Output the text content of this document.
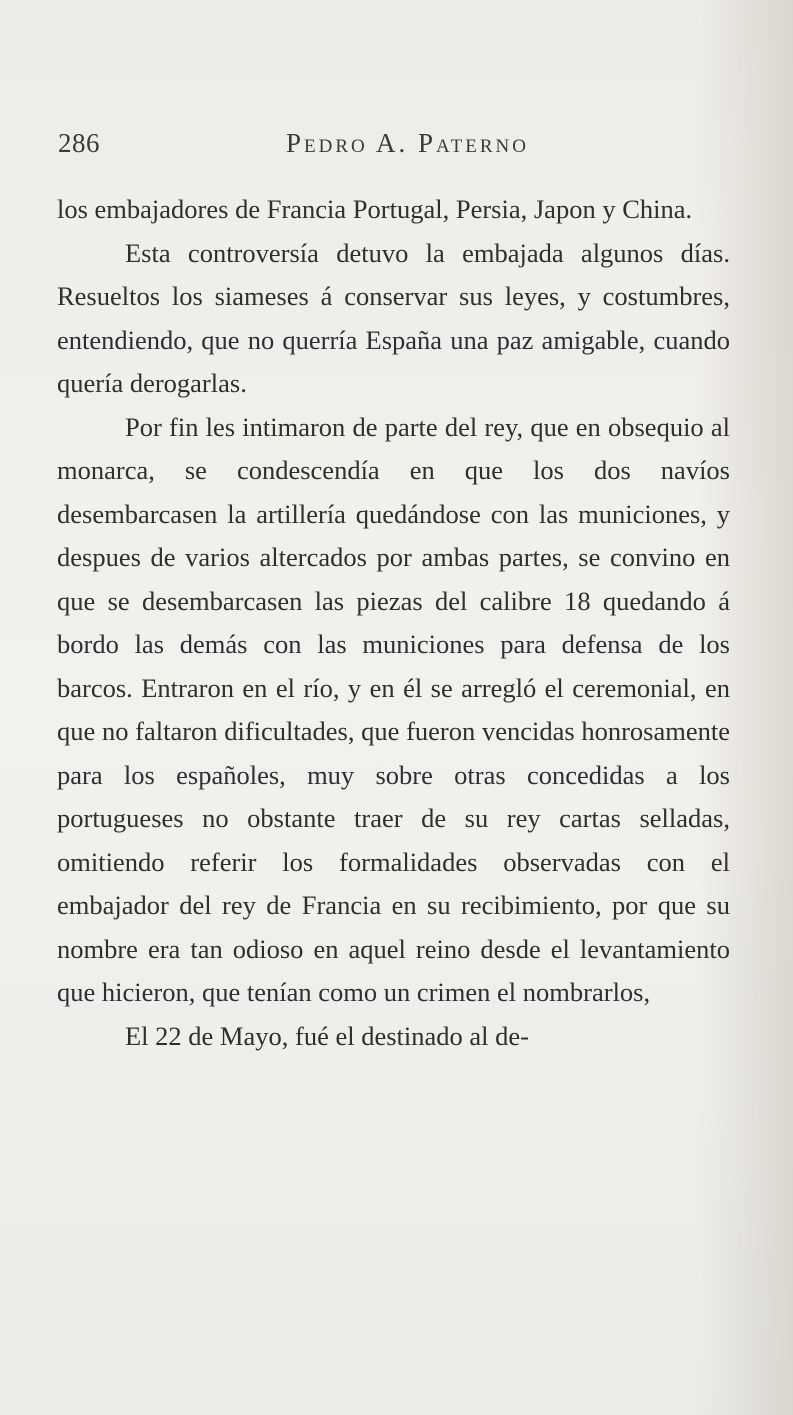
286	Pedro A. Paterno

los embajadores de Francia Portugal, Persia, Japon y China.

Esta controversía detuvo la embajada algunos días. Resueltos los siameses á conservar sus leyes, y costumbres, entendiendo, que no querría España una paz amigable, cuando quería derogarlas.

Por fin les intimaron de parte del rey, que en obsequio al monarca, se condescendía en que los dos navíos desembarcasen la artillería quedándose con las municiones, y despues de varios altercados por ambas partes, se convino en que se desembarcasen las piezas del calibre 18 quedando á bordo las demás con las municiones para defensa de los barcos. Entraron en el río, y en él se arregló el ceremonial, en que no faltaron dificultades, que fueron vencidas honrosamente para los españoles, muy sobre otras concedidas a los portugueses no obstante traer de su rey cartas selladas, omitiendo referir los formalidades observadas con el embajador del rey de Francia en su recibimiento, por que su nombre era tan odioso en aquel reino desde el levantamiento que hicieron, que tenían como un crimen el nombrarlos,

El 22 de Mayo, fué el destinado al de-
